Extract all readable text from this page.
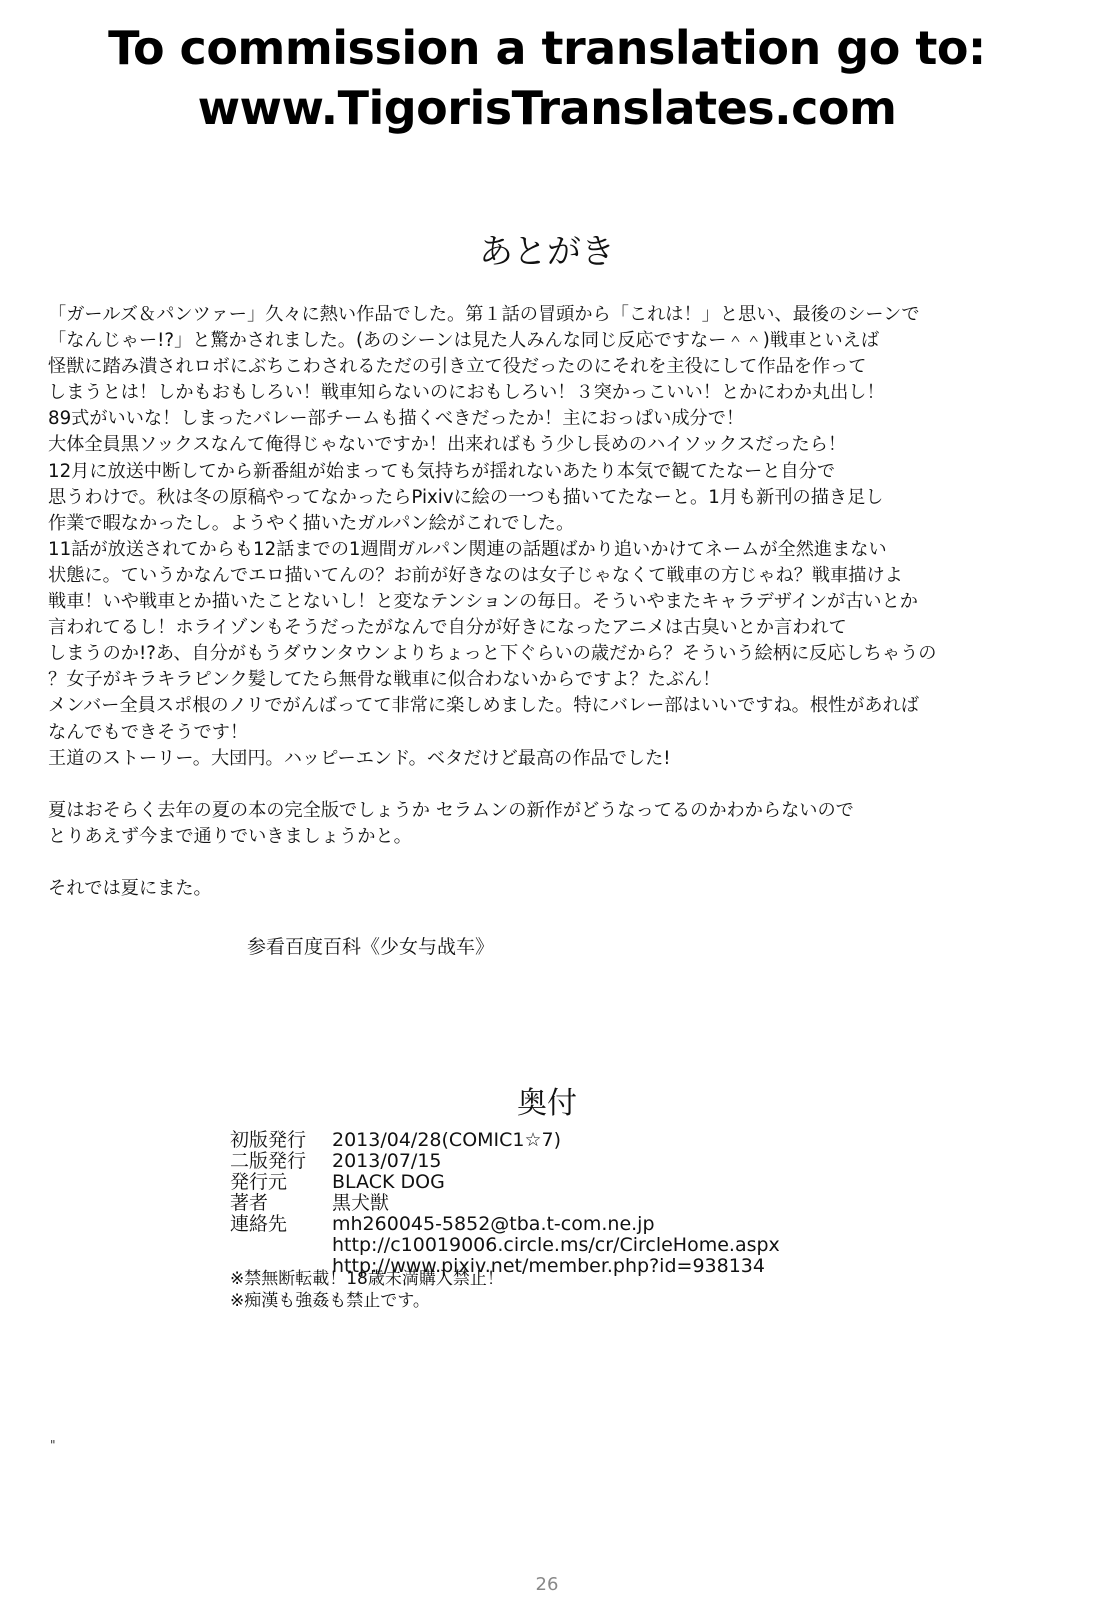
To commission a translation go to:
www.TigorisTranslates.com
あとがき
「ガールズ＆パンツァー」久々に熱い作品でした。第１話の冒頭から「これは！」と思い、最後のシーンで
「なんじゃー!?」と驚かされました。(あのシーンは見た人みんな同じ反応ですなー＾＾)戦車といえば
怪獣に踏み潰されロボにぶちこわされるただの引き立て役だったのにそれを主役にして作品を作って
しまうとは！しかもおもしろい！戦車知らないのにおもしろい！３突かっこいい！とかにわか丸出し！
89式がいいな！しまったバレー部チームも描くべきだったか！主におっぱい成分で！
大体全員黒ソックスなんて俺得じゃないですか！出来ればもう少し長めのハイソックスだったら！
12月に放送中断してから新番組が始まっても気持ちが揺れないあたり本気で観てたなーと自分で
思うわけで。秋は冬の原稿やってなかったらPixivに絵の一つも描いてたなーと。1月も新刊の描き足し
作業で暇なかったし。ようやく描いたガルパン絵がこれでした。
11話が放送されてからも12話までの1週間ガルパン関連の話題ばかり追いかけてネームが全然進まない
状態に。ていうかなんでエロ描いてんの？お前が好きなのは女子じゃなくて戦車の方じゃね？戦車描けよ
戦車！いや戦車とか描いたことないし！と変なテンションの毎日。そういやまたキャラデザインが古いとか
言われてるし！ホライゾンもそうだったがなんで自分が好きになったアニメは古臭いとか言われて
しまうのか!?あ、自分がもうダウンタウンよりちょっと下ぐらいの歳だから？そういう絵柄に反応しちゃうの
？女子がキラキラピンク髪してたら無骨な戦車に似合わないからですよ？たぶん！
メンバー全員スポ根のノリでがんばってて非常に楽しめました。特にバレー部はいいですね。根性があれば
なんでもできそうです！
王道のストーリー。大団円。ハッピーエンド。ベタだけど最高の作品でした!
夏はおそらく去年の夏の本の完全版でしょうか セラムンの新作がどうなってるのかわからないので
とりあえず今まで通りでいきましょうかと。
それでは夏にまた。
参看百度百科《少女与战车》
奥付
初版発行	2013/04/28(COMIC1☆7)
二版発行	2013/07/15
発行元	BLACK DOG
著者	黒犬獣
連絡先	mh260045-5852@tba.t-com.ne.jp
http://c10019006.circle.ms/cr/CircleHome.aspx
http://www.pixiv.net/member.php?id=938134
※禁無断転載！18歳未満購入禁止！
※痴漢も強姦も禁止です。
"
26
